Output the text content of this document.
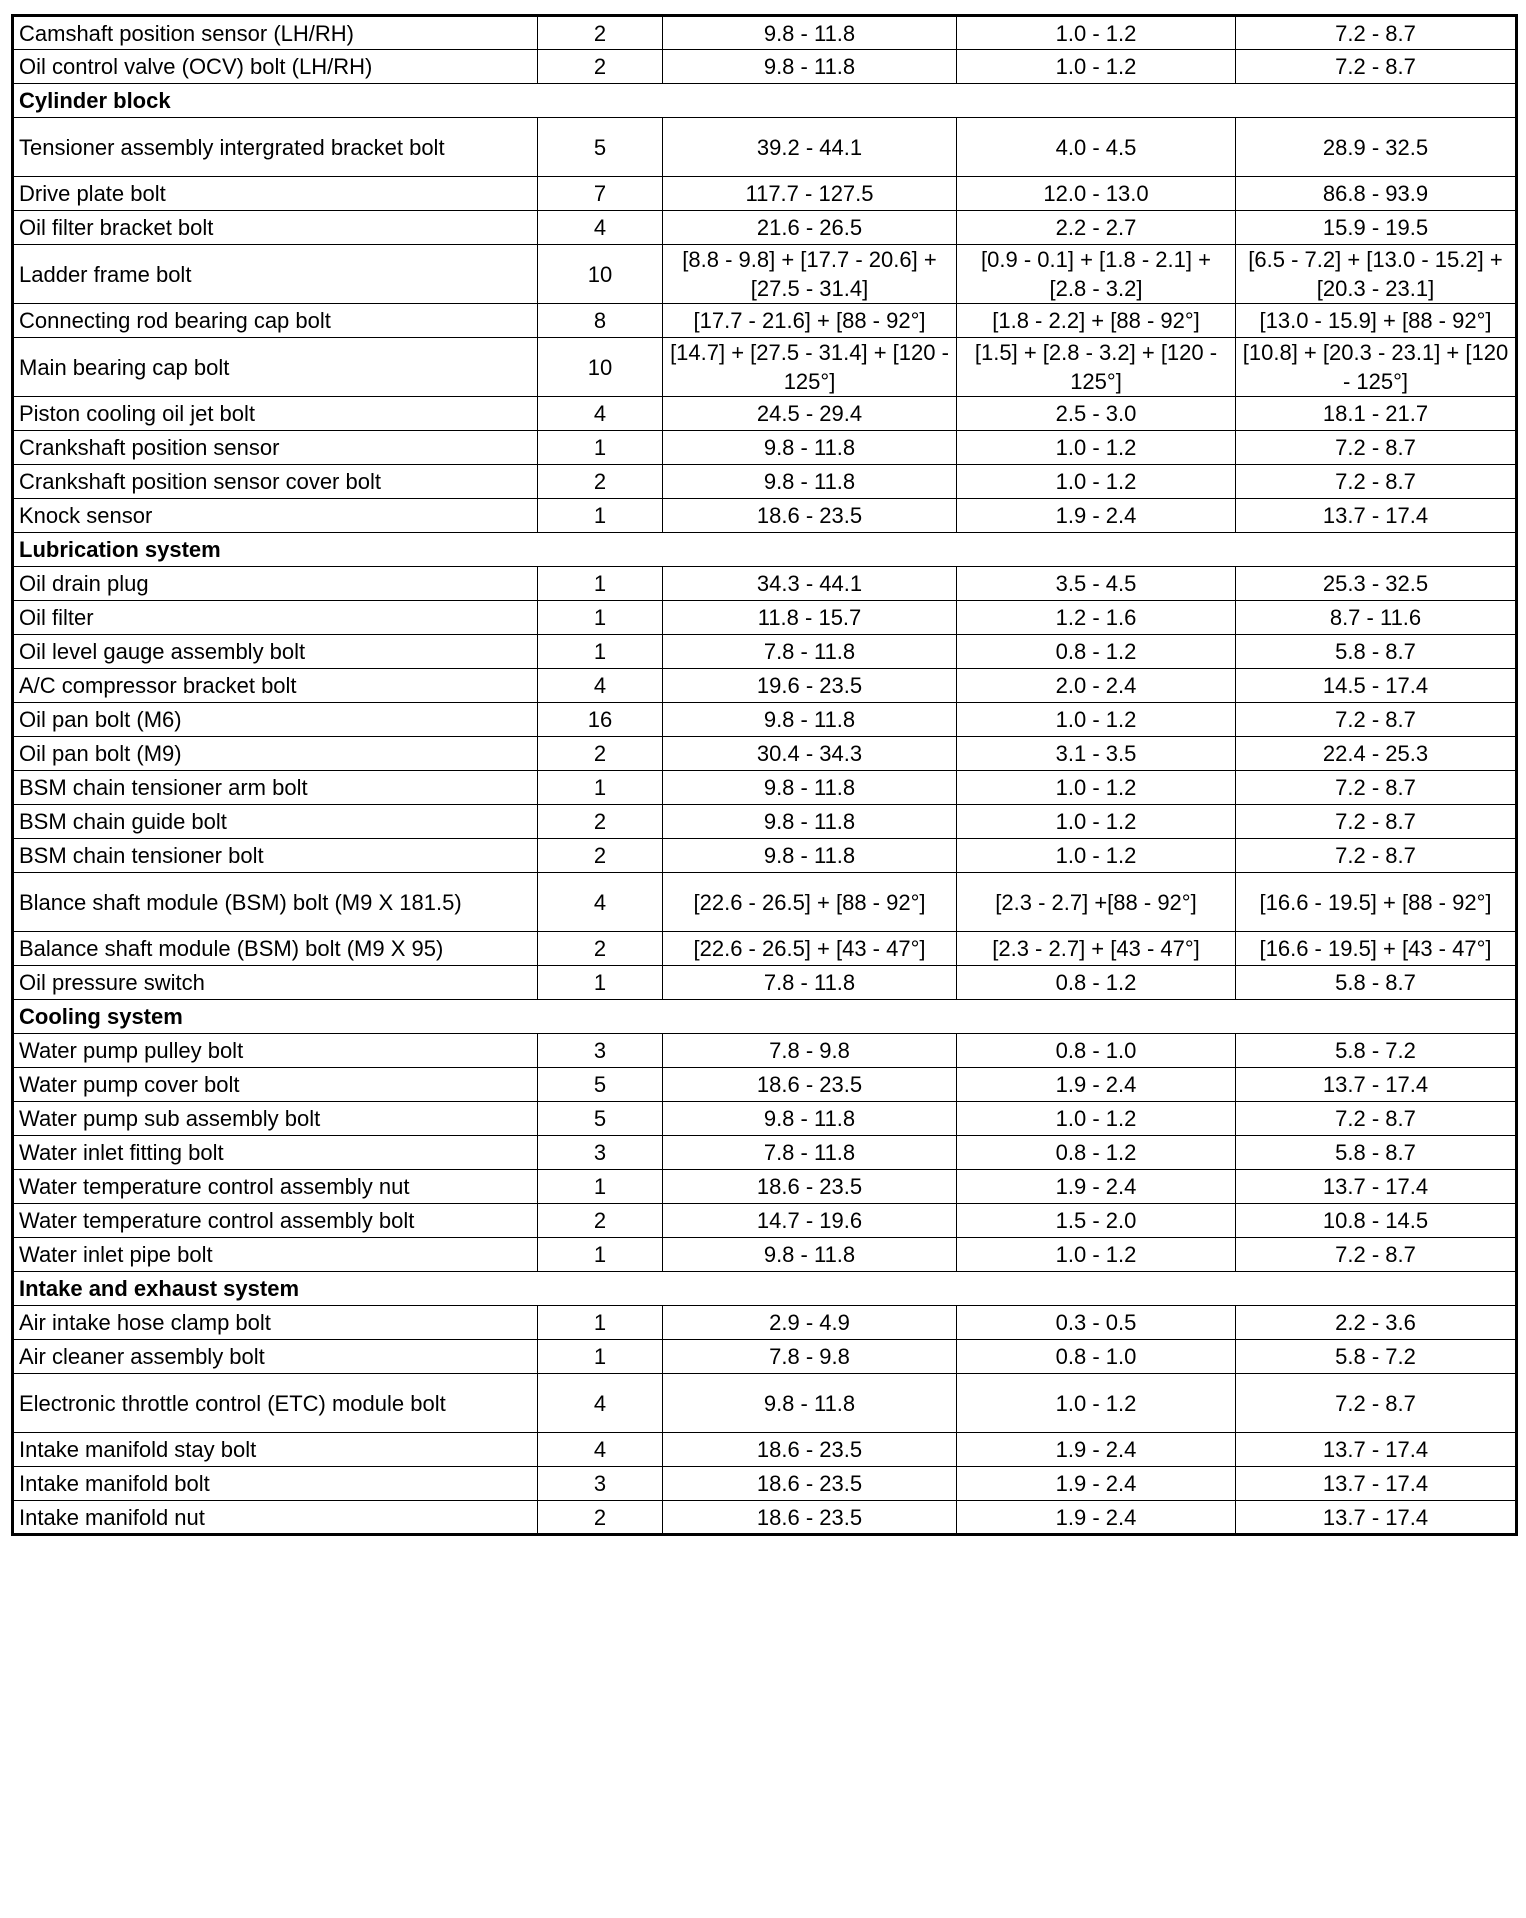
Camshaft position sensor (LH/RH)	2	9.8 - 11.8	1.0 - 1.2	7.2 - 8.7
Oil control valve (OCV) bolt (LH/RH)	2	9.8 - 11.8	1.0 - 1.2	7.2 - 8.7
Cylinder block				
Tensioner assembly intergrated bracket bolt	5	39.2 - 44.1	4.0 - 4.5	28.9 - 32.5
Drive plate bolt	7	117.7 - 127.5	12.0 - 13.0	86.8 - 93.9
Oil filter bracket bolt	4	21.6 - 26.5	2.2 - 2.7	15.9 - 19.5
Ladder frame bolt	10	[8.8 - 9.8] + [17.7 - 20.6] + [27.5 - 31.4]	[0.9 - 0.1] + [1.8 - 2.1] + [2.8 - 3.2]	[6.5 - 7.2] + [13.0 - 15.2] + [20.3 - 23.1]
Connecting rod bearing cap bolt	8	[17.7 - 21.6] + [88 - 92°]	[1.8 - 2.2] + [88 - 92°]	[13.0 - 15.9] + [88 - 92°]
Main bearing cap bolt	10	[14.7] + [27.5 - 31.4] + [120 - 125°]	[1.5] + [2.8 - 3.2] + [120 - 125°]	[10.8] + [20.3 - 23.1] + [120 - 125°]
Piston cooling oil jet bolt	4	24.5 - 29.4	2.5 - 3.0	18.1 - 21.7
Crankshaft position sensor	1	9.8 - 11.8	1.0 - 1.2	7.2 - 8.7
Crankshaft position sensor cover bolt	2	9.8 - 11.8	1.0 - 1.2	7.2 - 8.7
Knock sensor	1	18.6 - 23.5	1.9 - 2.4	13.7 - 17.4
Lubrication system				
Oil drain plug	1	34.3 - 44.1	3.5 - 4.5	25.3 - 32.5
Oil filter	1	11.8 - 15.7	1.2 - 1.6	8.7 - 11.6
Oil level gauge assembly bolt	1	7.8 - 11.8	0.8 - 1.2	5.8 - 8.7
A/C compressor bracket bolt	4	19.6 - 23.5	2.0 - 2.4	14.5 - 17.4
Oil pan bolt (M6)	16	9.8 - 11.8	1.0 - 1.2	7.2 - 8.7
Oil pan bolt (M9)	2	30.4 - 34.3	3.1 - 3.5	22.4 - 25.3
BSM chain tensioner arm bolt	1	9.8 - 11.8	1.0 - 1.2	7.2 - 8.7
BSM chain guide bolt	2	9.8 - 11.8	1.0 - 1.2	7.2 - 8.7
BSM chain tensioner bolt	2	9.8 - 11.8	1.0 - 1.2	7.2 - 8.7
Blance shaft module (BSM) bolt (M9 X 181.5)	4	[22.6 - 26.5] + [88 - 92°]	[2.3 - 2.7] +[88 - 92°]	[16.6 - 19.5] + [88 - 92°]
Balance shaft module (BSM) bolt (M9 X 95)	2	[22.6 - 26.5] + [43 - 47°]	[2.3 - 2.7] + [43 - 47°]	[16.6 - 19.5] + [43 - 47°]
Oil pressure switch	1	7.8 - 11.8	0.8 - 1.2	5.8 - 8.7
Cooling system				
Water pump pulley bolt	3	7.8 - 9.8	0.8 - 1.0	5.8 - 7.2
Water pump cover bolt	5	18.6 - 23.5	1.9 - 2.4	13.7 - 17.4
Water pump sub assembly bolt	5	9.8 - 11.8	1.0 - 1.2	7.2 - 8.7
Water inlet fitting bolt	3	7.8 - 11.8	0.8 - 1.2	5.8 - 8.7
Water temperature control assembly nut	1	18.6 - 23.5	1.9 - 2.4	13.7 - 17.4
Water temperature control assembly bolt	2	14.7 - 19.6	1.5 - 2.0	10.8 - 14.5
Water inlet pipe bolt	1	9.8 - 11.8	1.0 - 1.2	7.2 - 8.7
Intake and exhaust system				
Air intake hose clamp bolt	1	2.9 - 4.9	0.3 - 0.5	2.2 - 3.6
Air cleaner assembly bolt	1	7.8 - 9.8	0.8 - 1.0	5.8 - 7.2
Electronic throttle control (ETC) module bolt	4	9.8 - 11.8	1.0 - 1.2	7.2 - 8.7
Intake manifold stay bolt	4	18.6 - 23.5	1.9 - 2.4	13.7 - 17.4
Intake manifold bolt	3	18.6 - 23.5	1.9 - 2.4	13.7 - 17.4
Intake manifold nut	2	18.6 - 23.5	1.9 - 2.4	13.7 - 17.4
